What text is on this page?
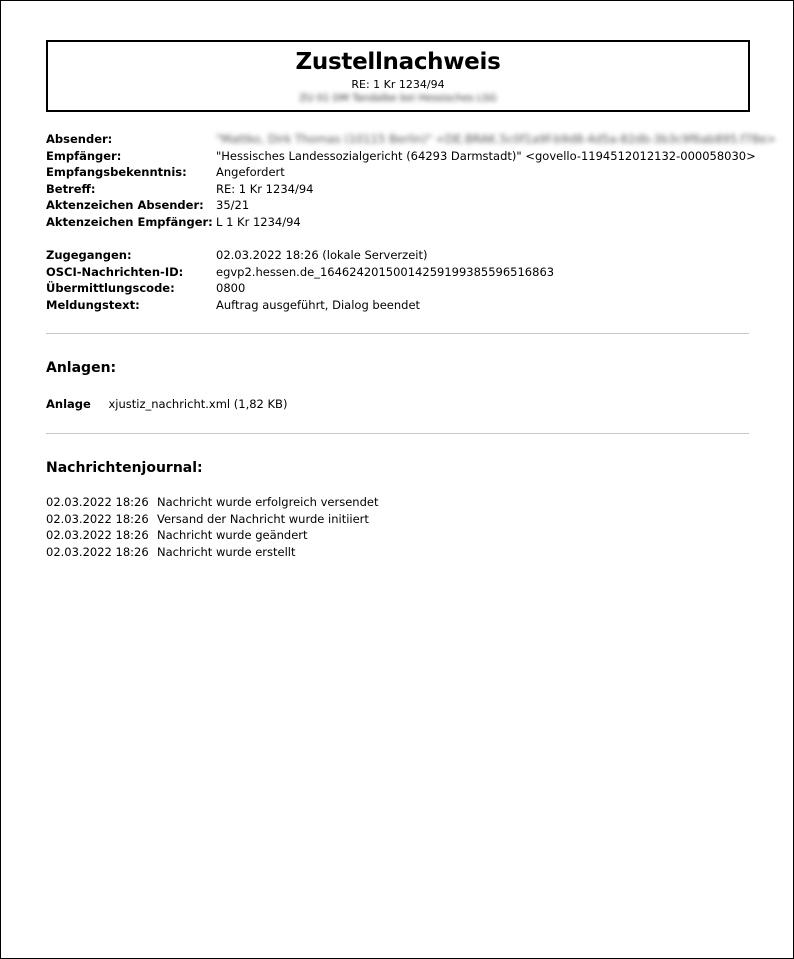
Zustellnachweis
RE: 1 Kr 1234/94
ZU 01 DM Tandalbe bei Hessisches LSG
Absender:	"Mattko, Dirk Thomas (10115 Berlin)" <DE.BRAK.5c0f1a9f-b9d8-4d5a-82db-3b3c9f6ab895.f78e>
Empfänger:	"Hessisches Landessozialgericht (64293 Darmstadt)" <govello-1194512012132-000058030>
Empfangsbekenntnis:	Angefordert
Betreff:	RE: 1 Kr 1234/94
Aktenzeichen Absender:	35/21
Aktenzeichen Empfänger: L 1 Kr 1234/94
Zugegangen:	02.03.2022 18:26 (lokale Serverzeit)
OSCI-Nachrichten-ID:	egvp2.hessen.de_16462420150014259199385596516863
Übermittlungscode:	0800
Meldungstext:	Auftrag ausgeführt, Dialog beendet
Anlagen:
Anlage xjustiz_nachricht.xml (1,82 KB)
Nachrichtenjournal:
02.03.2022 18:26 Nachricht wurde erfolgreich versendet
02.03.2022 18:26 Versand der Nachricht wurde initiiert
02.03.2022 18:26 Nachricht wurde geändert
02.03.2022 18:26 Nachricht wurde erstellt
